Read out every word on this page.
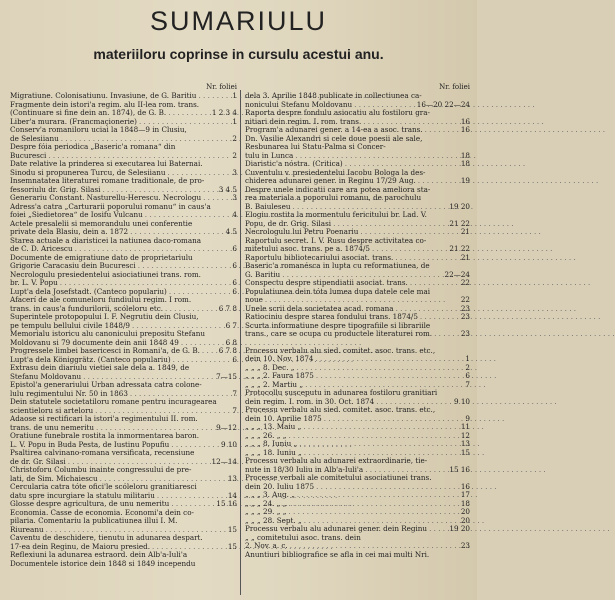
SUMARIULU
materiiloru coprinse in cursulu acestui anu.
Nr. foliei
Migratiune. Colonisatiunu. Invasiune, de G. Baritiu . . .	1
Fragmente dein istori'a regim. alu II-lea rom. trans.
(Continuare si fine dein an. 1874), de G. B. . . .	1 2 3 4
Liber'a murara. (Francmaçionerie) . . .	1
Conserv'a romaniloru uciai la 1848—9 in Clusiu,
de Selesiianu . . .	2
Despre fóia periodica „Baseric'a romana“ din
Bucuresci . . .	2
Date relative la prinderea si executarea lui Baternai.
Sinodu si propunerea Turcu, de Selesiianu . . .	3
Insemnatatea literaturei romane traditionale, de pro-
fessoriulu dr. Grig. Silasi . . .	3 4 5
Generariu Constant. Nasturellu-Herescu. Necrologu . . .	3
Adress'a catra „Carturarii poporului romanu“ in caus'a
foiei „Siedietorea“ de Iosifu Vulcanu . . .	4
Actele presalelii si memorandulu unei conferentie
private dela Blasiu, dein a. 1872 . . .	4 5
Starea actuale a diaristicei la natiunea daco-romana
de C. D. Aricescu . . .	6
Documente de emigratiune dato de proprietariulu
Grigorie Caracasiu dein Bucuresci . . .	6
Necrologulu presiedentelui asiociatiunei trans. rom.
br. L. V. Popu . . .	6
Lupt'a dela Josefstadt. (Canteco populariu) . . .	6
Afacerí de ale comuneloru fundiului regim. I rom.
trans. in caus'a fundurilorii, scóleloru etc. . . .	6 7 8
Superintele protopopului I. F. Negrutiu dein Clusiu,
pe tempulu bellului civile 1848/9 . . .	6 7
Memorialu istoricu alu canonicului prepositu Stefanu
Moldovanu si 79 documente dein anii 1848 49 . . .	6 8
Progressele limbei basericesci in Romani'a, de G. B. . . .	6 7 8
Lupt'a dela Königgrätz. (Canteco populariu) . . .	6
Extrasu dein diariulu vietiei sale dela a. 1849, de
Stefanu Moldovanu . . .	7—15
Epistol'a generariului Urban adressata catra colone-
lulu regimentului Nr. 50 in 1863 . . .	7
Dein statutele societatiloru romane pentru incuragearea
scientieloru si arteloru . . .	7
Adaose si rectificari la istori'a regimentului II. rom.
trans. de unu nemeritu . . .	9—12
Oratiune funebrale rostita la inmormentarea baron.
L. V. Popu in Buda Pesta, de Iustinu Popufiu . . .	9 10
Psaltirea calvinano-romana versificata, recensiune
de dr. Gr. Silasi . . .	12—14
Christoforu Columbu inainte congressului de pre-
lati, de Sim. Michaiescu . . .	13
Cercularia catra tóte ofici'le scóleloru granitiaresci
datu spre incurgiare la statulu militariu . . .	14
Glosse despre agricultura, de unu nemeritu . . .	15 16
Economia. Casse de economia. Economi'a dein co-
pilaria. Comentariu la publicatiunea illui I. M.
Riureanu . . .	15
Caventu de deschidere, tienutu in adunarea despart.
17-ea dein Reginu, de Maioru presied. . . .	15
Reflexiuni la adunarea estraord. dein Alb'a-Iuli'a
Documentele istorice dein 1848 si 1849 incependu
Nr. foliei
dela 3. Aprilie 1848 publicate in collectiunea ca-
nonicului Stefanu Moldovanu . . .	16—20 22—24
Raporta despre fondulu asiocatiu alu fostiloru gra-
nitiari dein regim. I. rom. trans. . . .	16
Program'a adunarei gener. a 14-ea a asoc. trans. . . .	16
Dn. Vasilie Alexandri si cele doue poesii ale sale,
Resbunarea lui Statu-Palma si Concer-
tulu in Lunca . . .	18
Diaristic'a nóstra. (Critica) . . .	18
Cuventulu v. presiedentelui Iacobu Bologa la des-
chiderea adunarei gener. in Reginu 17/29 Aug. . . .	19
Despre unele indicatii care ara potea ameliora sta-
rea materiala a poporului romanu, de parochulu
B. Baiuleseu . . .	19 20
Elogiu rostita la mormentulu fericitului br. Lad. V.
Popu, de dr. Grig. Silasi . . .	21 22
Necrologulu lui Petru Poenariu . . .	21
Raportulu secret. I. V. Rusu despre activitatea co-
mitetului asoc. trans. pe a. 1874/5 . . .	21 22
Raportulu bibliotecariului asociat. trans. . . .	21
Baseric'a romanésca in lupta cu reformatiunea, de
G. Baritiu . . .	22—24
Conspectu despre stipendiatii asociat. trans. . . .	22
Populatiunea dein tóta lumea dupa datele cele mai
noue . . .	22
Unele scrii dela societatea acad. romana . . .	23
Ratiociniu despre starea fondului trans. 1874/5 . . .	23
Scurta informatiune despre tipografiile si librariile
trans., care se ocupa cu productele literaturei rom. . . .	23
Processu verbalu alu sied. comitet. asoc. trans. etc.,
dein 10. Nov. 1874 . . .	1
„ „ „ 8. Dec. „ . . .	2
„ „ „ 2. Faura 1875 . . .	6
„ „ „ 2. Martiu „ . . .	7
Protocollu susceputu in adunarea fostiloru granitiari
dein regim. I. rom. in 30. Oct. 1874 . . .	9 10
Processu verbalu alu sied. comitet. asoc. trans. etc.,
dein 10. Aprilie 1875 . . .	9
„ „ „ 13. Maiu „ . . .	11
„ „ „ 26. „ „ . . .	12
„ „ „ 8. Iuniu „ . . .	13
„ „ „ 18. Iuniu „ . . .	15
Processu verbalu alu adunarei extraordinarie, tie-
nute in 18/30 Iuliu in Alb'a-Iuli'a . . .	15 16
Processe verbali ale comitetului asociatiunei trans.
dein 20. Iuliu 1875 . . .	16
„ „ „ 3. Aug. „ . . .	17
„ „ „ 24. „ „ . . .	18
„ „ „ 29. „ „ . . .	20
„ „ „ 28. Sept. „ . . .	20
Processu verbalu alu adunarei gener. dein Reginu . . .	19 20
„ „ comitetului asoc. trans. dein
2. Nov. a. c. . . .	23
Anuntiuri bibliografice se afla in cei mai multi Nri.
